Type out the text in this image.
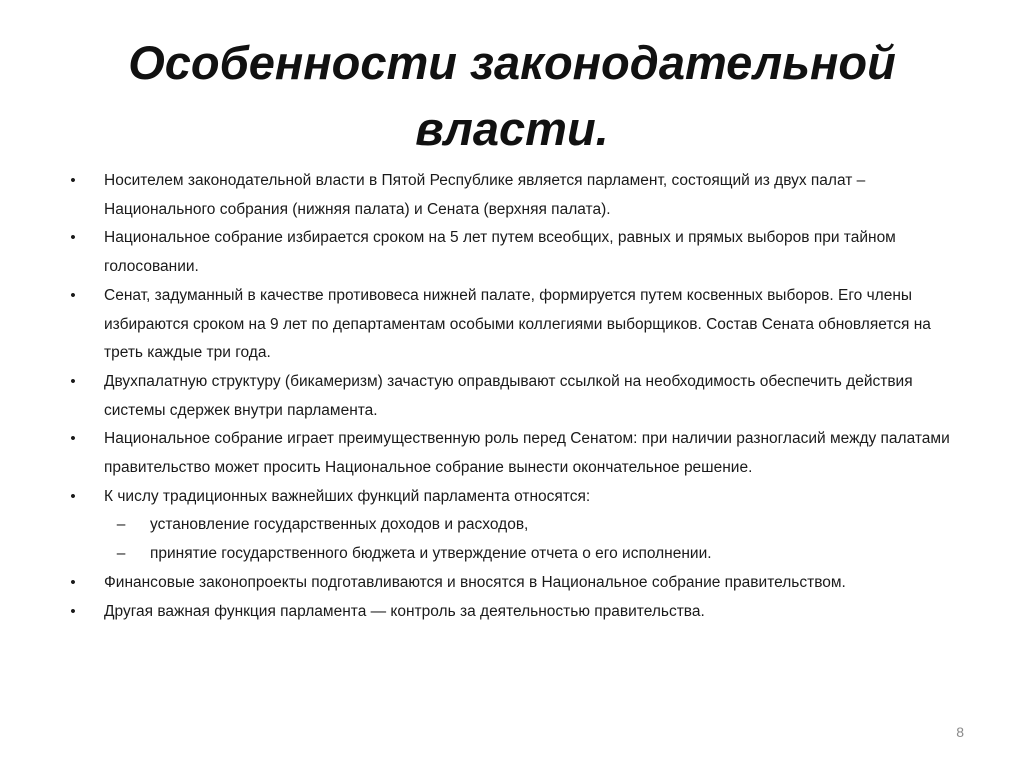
Особенности законодательной власти.
• Носителем законодательной власти в Пятой Республике является парламент, состоящий из двух палат – Национального собрания (нижняя палата) и Сената (верхняя палата).
• Национальное собрание избирается сроком на 5 лет путем всеобщих, равных и прямых выборов при тайном голосовании.
• Сенат, задуманный в качестве противовеса нижней палате, формируется путем косвенных выборов. Его члены избираются сроком на 9 лет по департаментам особыми коллегиями выборщиков. Состав Сената обновляется на треть каждые три года.
• Двухпалатную структуру (бикамеризм) зачастую оправдывают ссылкой на необходимость обеспечить действия системы сдержек внутри парламента.
• Национальное собрание играет преимущественную роль перед Сенатом: при наличии разногласий между палатами правительство может просить Национальное собрание вынести окончательное решение.
• К числу традиционных важнейших функций парламента относятся:
–	установление государственных доходов и расходов,
–	принятие государственного бюджета и утверждение отчета о его исполнении.
• Финансовые законопроекты подготавливаются и вносятся в Национальное собрание правительством.
• Другая важная функция парламента — контроль за деятельностью правительства.
8
